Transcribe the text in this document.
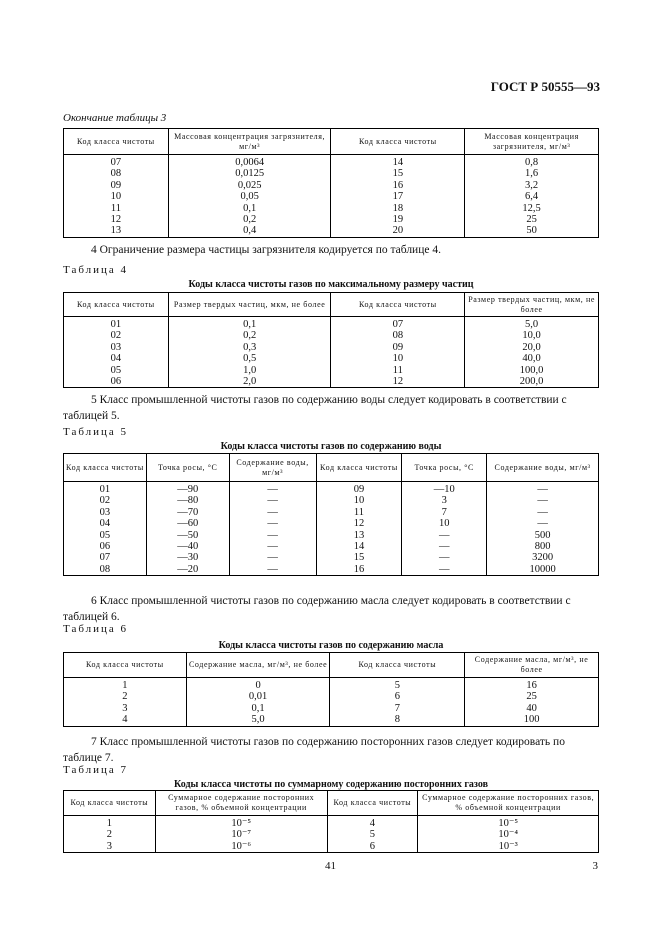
ГОСТ Р 50555—93
Окончание таблицы 3
Код класса чистоты	Массовая концентрация загрязнителя, мг/м³	Код класса чистоты	Массовая концентрация загрязнителя, мг/м³
07	0,0064	14	0,8
08	0,0125	15	1,6
09	0,025	16	3,2
10	0,05	17	6,4
11	0,1	18	12,5
12	0,2	19	25
13	0,4	20	50
4 Ограничение размера частицы загрязнителя кодируется по таблице 4.
Таблица 4
Коды класса чистоты газов по максимальному размеру частиц
Код класса чистоты	Размер твердых частиц, мкм, не более	Код класса чистоты	Размер твердых частиц, мкм, не более
01	0,1	07	5,0
02	0,2	08	10,0
03	0,3	09	20,0
04	0,5	10	40,0
05	1,0	11	100,0
06	2,0	12	200,0
5 Класс промышленной чистоты газов по содержанию воды следует кодировать в соответствии с
таблицей 5.
Таблица 5
Коды класса чистоты газов по содержанию воды
Код класса чистоты	Точка росы, °С	Содержание воды, мг/м³	Код класса чистоты	Точка росы, °С	Содержание воды, мг/м³
01	—90	—	09	—10	—
02	—80	—	10	3	—
03	—70	—	11	7	—
04	—60	—	12	10	—
05	—50	—	13	—	500
06	—40	—	14	—	800
07	—30	—	15	—	3200
08	—20	—	16	—	10000
6 Класс промышленной чистоты газов по содержанию масла следует кодировать в соответствии с
таблицей 6.
Таблица 6
Коды класса чистоты газов по содержанию масла
Код класса чистоты	Содержание масла, мг/м³, не более	Код класса чистоты	Содержание масла, мг/м³, не более
1	0	5	16
2	0,01	6	25
3	0,1	7	40
4	5,0	8	100
7 Класс промышленной чистоты газов по содержанию посторонних газов следует кодировать по
таблице 7.
Таблица 7
Коды класса чистоты по суммарному содержанию посторонних газов
Код класса чистоты	Суммарное содержание посторонних газов, % объемной концентрации	Код класса чистоты	Суммарное содержание посторонних газов, % объемной концентрации
1	10⁻⁵	4	10⁻⁵
2	10⁻⁷	5	10⁻⁴
3	10⁻⁶	6	10⁻³
41	3
